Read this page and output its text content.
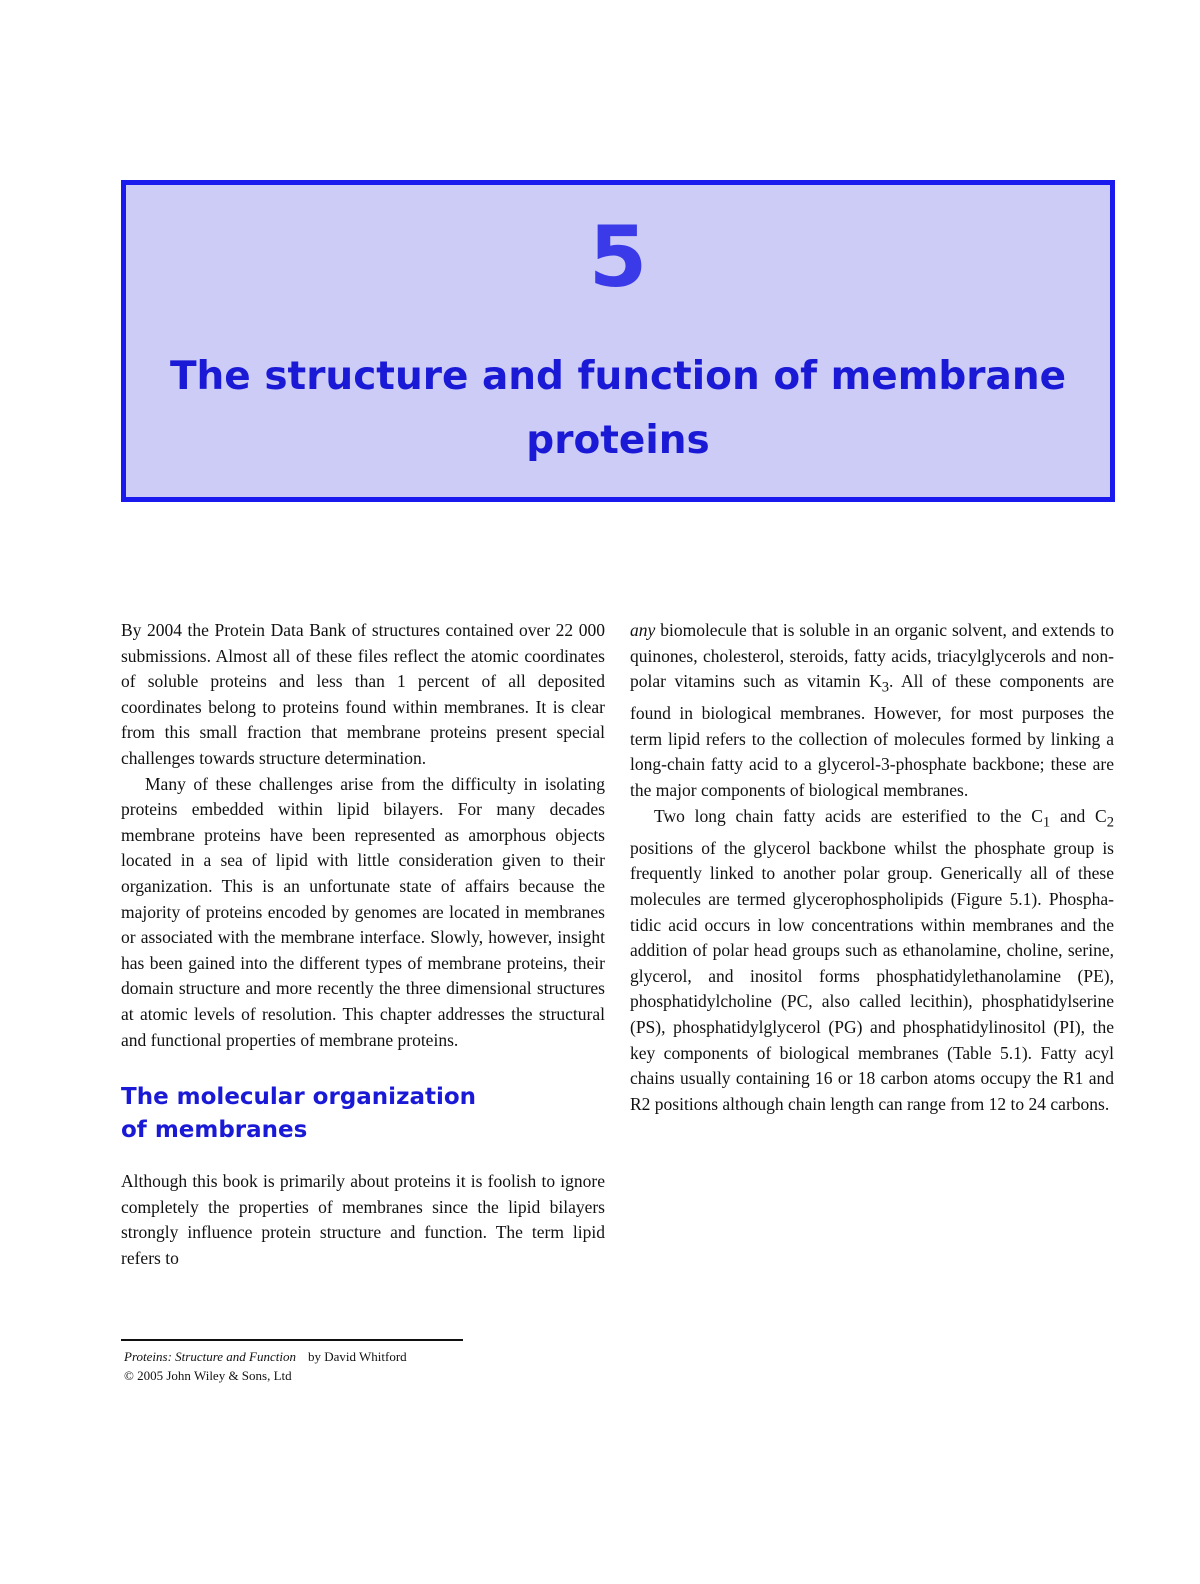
5
The structure and function of membrane proteins

By 2004 the Protein Data Bank of structures contained over 22 000 submissions. Almost all of these files reflect the atomic coordinates of soluble proteins and less than 1 percent of all deposited coordinates belong to proteins found within membranes. It is clear from this small fraction that membrane proteins present special challenges towards structure determination.

Many of these challenges arise from the difficulty in isolating proteins embedded within lipid bilayers. For many decades membrane proteins have been represented as amorphous objects located in a sea of lipid with little consideration given to their organization. This is an unfortunate state of affairs because the majority of proteins encoded by genomes are located in membranes or associated with the membrane interface. Slowly, however, insight has been gained into the different types of membrane proteins, their domain structure and more recently the three dimensional structures at atomic levels of resolution. This chapter addresses the structural and functional properties of membrane proteins.

The molecular organization
of membranes

Although this book is primarily about proteins it is foolish to ignore completely the properties of membranes since the lipid bilayers strongly influence protein structure and function. The term lipid refers to

any biomolecule that is soluble in an organic solvent, and extends to quinones, cholesterol, steroids, fatty acids, triacylglycerols and non-polar vitamins such as vitamin $K_3$. All of these components are found in biological membranes. However, for most purposes the term lipid refers to the collection of molecules formed by linking a long-chain fatty acid to a glycerol-3-phosphate backbone; these are the major components of biological membranes.

Two long chain fatty acids are esterified to the $C_1$ and $C_2$ positions of the glycerol backbone whilst the phosphate group is frequently linked to another polar group. Generically all of these molecules are termed glycerophospholipids (Figure 5.1). Phosphatidic acid occurs in low concentrations within membranes and the addition of polar head groups such as ethanolamine, choline, serine, glycerol, and inositol forms phosphatidylethanolamine (PE), phosphatidylcholine (PC, also called lecithin), phosphatidylserine (PS), phosphatidylglycerol (PG) and phosphatidylinositol (PI), the key components of biological membranes (Table 5.1). Fatty acyl chains usually containing 16 or 18 carbon atoms occupy the R1 and R2 positions although chain length can range from 12 to 24 carbons.

Proteins: Structure and Function by David Whitford
© 2005 John Wiley & Sons, Ltd
